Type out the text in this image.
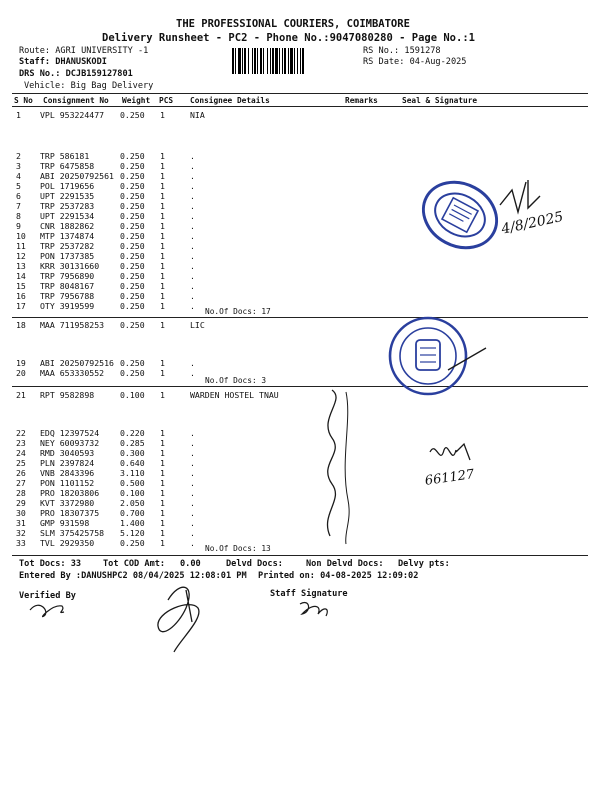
THE PROFESSIONAL COURIERS, COIMBATORE
Delivery Runsheet - PC2 - Phone No.:9047080280 - Page No.:1
Route: AGRI UNIVERSITY -1
Staff: DHANUSKODI
DRS No.: DCJB159127801
Vehicle: Big Bag Delivery
RS No.: 1591278
RS Date: 04-Aug-2025
S No Consignment No Weight PCS Consignee Details	Remarks	Seal & Signature
1 VPL 953224477 0.250 1	NIA
2 TRP 586181	0.250 1	.
3 TRP 6475858	0.250 1	.
4 ABI 20250792561 0.250 1	.
5 POL 1719656	0.250 1	.
6 UPT 2291535	0.250 1	.
7 TRP 2537283	0.250 1	.
8 UPT 2291534	0.250 1	.
9 CNR 1882862	0.250 1	.
10 MTP 1374874	0.250 1	.
11 TRP 2537282	0.250 1	.
12 PON 1737385	0.250 1	.
13 KRR 30131660	0.250 1	.
14 TRP 7956890	0.250 1	.
15 TRP 8048167	0.250 1	.
16 TRP 7956788	0.250 1	.
17 OTY 3919599	0.250 1	.
No.Of Docs: 17
18 MAA 711958253 0.250 1	LIC
19 ABI 20250792516 0.250 1	.
20 MAA 653330552 0.250 1	.
No.Of Docs: 3
21 RPT 9582898	0.100 1	WARDEN HOSTEL TNAU
22 EDQ 12397524	0.220 1	.
23 NEY 60093732	0.285 1	.
24 RMD 3040593	0.300 1	.
25 PLN 2397824	0.640 1	.
26 VNB 2843396	3.110 1	.
27 PON 1101152	0.500 1	.
28 PRO 18203806	0.100 1	.
29 KVT 3372980	2.050 1	.
30 PRO 18307375	0.700 1	.
31 GMP 931598	1.400 1	.
32 SLM 375425758 5.120 1	.
33 TVL 2929350	0.250 1	.
No.Of Docs: 13
Tot Docs: 33	Tot COD Amt: 0.00	Delvd Docs:	Non Delvd Docs: Delvy pts:
Entered By :DANUSHPC2 08/04/2025 12:08:01 PM Printed on: 04-08-2025 12:09:02
Verified By	Staff Signature
4/8/2025
661127
